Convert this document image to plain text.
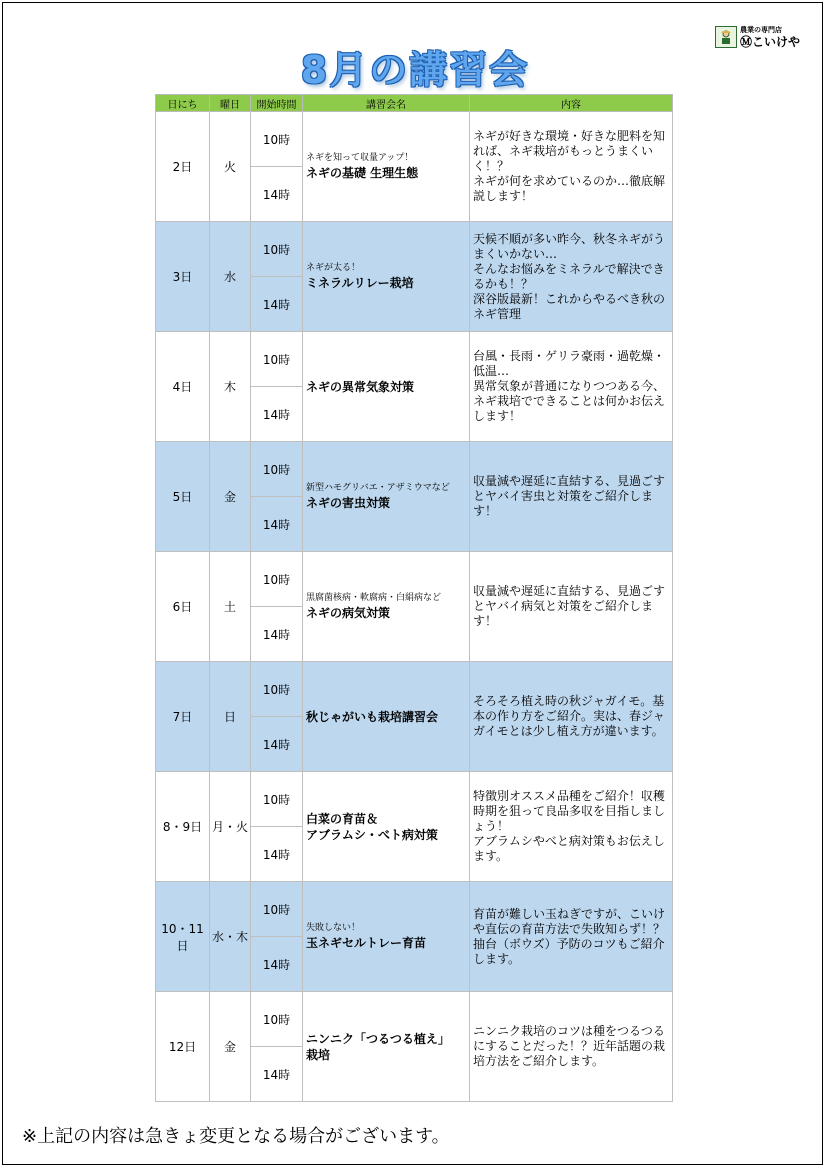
農業の専門店
Ⓜこいけや
8月の講習会
日にち	曜日	開始時間	講習会名	内容
2日	火	10時	ネギを知って収量アップ！
ネギの基礎 生理生態	ネギが好きな環境・好きな肥料を知れば、ネギ栽培がもっとうまくいく！？
ネギが何を求めているのか…徹底解説します！
		14時		
3日	水	10時	ネギが太る！
ミネラルリレー栽培	天候不順が多い昨今、秋冬ネギがうまくいかない…
そんなお悩みをミネラルで解決できるかも！？
深谷版最新！これからやるべき秋のネギ管理
		14時		
4日	木	10時	ネギの異常気象対策	台風・長雨・ゲリラ豪雨・過乾燥・低温…
異常気象が普通になりつつある今、ネギ栽培でできることは何かお伝えします！
		14時		
5日	金	10時	新型ハモグリバエ・アザミウマなど
ネギの害虫対策	収量減や遅延に直結する、見過ごすとヤバイ害虫と対策をご紹介します！
		14時		
6日	土	10時	黒腐菌核病・軟腐病・白絹病など
ネギの病気対策	収量減や遅延に直結する、見過ごすとヤバイ病気と対策をご紹介します！
		14時		
7日	日	10時	秋じゃがいも栽培講習会	そろそろ植え時の秋ジャガイモ。基本の作り方をご紹介。実は、春ジャガイモとは少し植え方が違います。
		14時		
8・9日	月・火	10時	白菜の育苗＆
アブラムシ・べト病対策	特徴別オススメ品種をご紹介！収穫時期を狙って良品多収を目指しましょう！
アブラムシやべと病対策もお伝えします。
		14時		
10・11日	水・木	10時	失敗しない！
玉ネギセルトレー育苗	育苗が難しい玉ねぎですが、こいけや直伝の育苗方法で失敗知らず！？抽台（ボウズ）予防のコツもご紹介します。
		14時		
12日	金	10時	ニンニク「つるつる植え」
栽培	ニンニク栽培のコツは種をつるつるにすることだった！？近年話題の栽培方法をご紹介します。
		14時		
※上記の内容は急きょ変更となる場合がございます。
